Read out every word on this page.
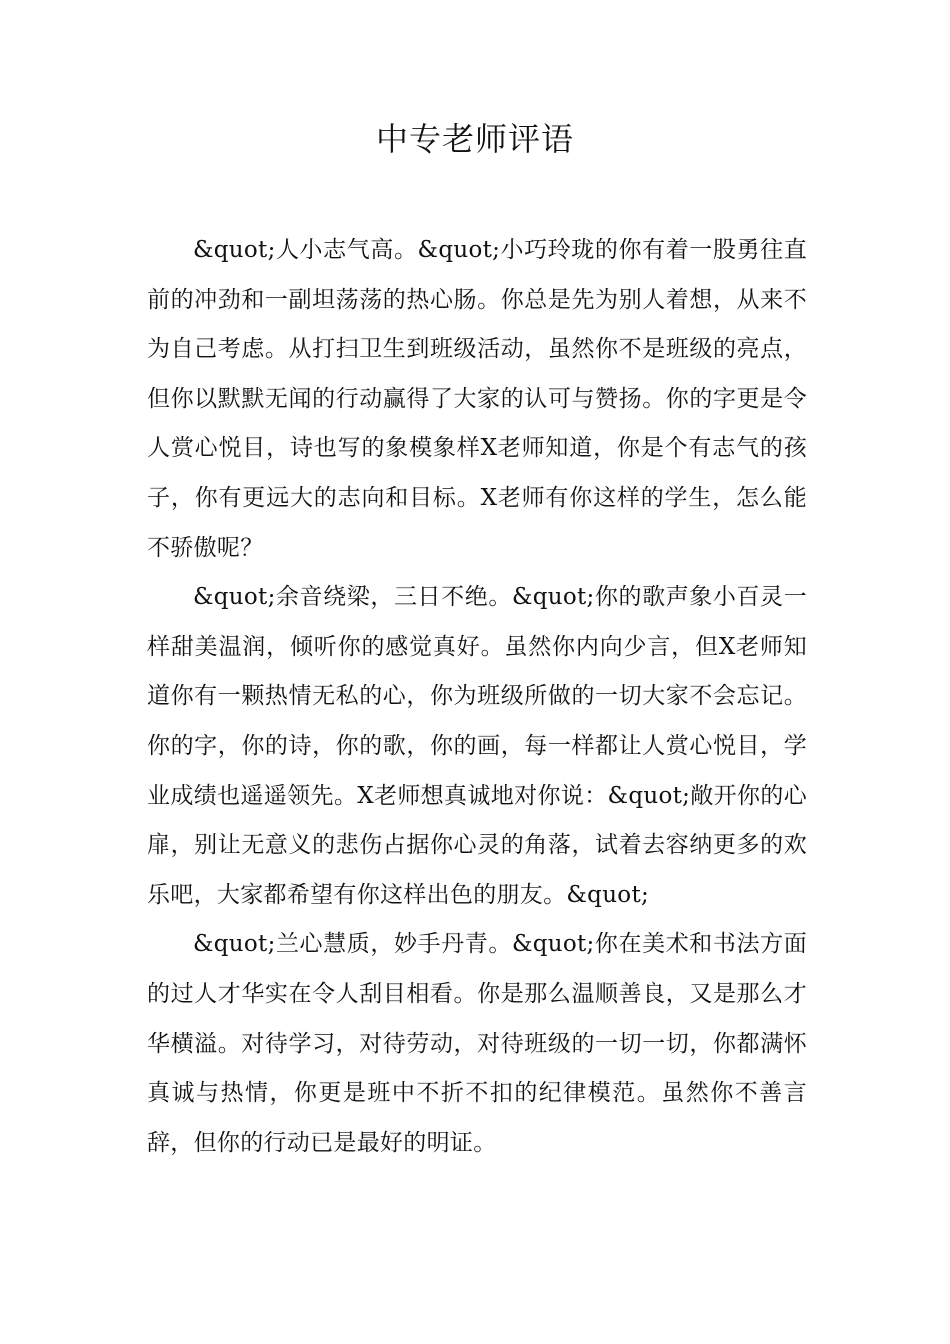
中专老师评语

&quot;人小志气高。&quot;小巧玲珑的你有着一股勇往直前的冲劲和一副坦荡荡的热心肠。你总是先为别人着想，从来不为自己考虑。从打扫卫生到班级活动，虽然你不是班级的亮点，但你以默默无闻的行动赢得了大家的认可与赞扬。你的字更是令人赏心悦目，诗也写的象模象样X老师知道，你是个有志气的孩子，你有更远大的志向和目标。X老师有你这样的学生，怎么能不骄傲呢？

&quot;余音绕梁，三日不绝。&quot;你的歌声象小百灵一样甜美温润，倾听你的感觉真好。虽然你内向少言，但X老师知道你有一颗热情无私的心，你为班级所做的一切大家不会忘记。你的字，你的诗，你的歌，你的画，每一样都让人赏心悦目，学业成绩也遥遥领先。X老师想真诚地对你说：&quot;敞开你的心扉，别让无意义的悲伤占据你心灵的角落，试着去容纳更多的欢乐吧，大家都希望有你这样出色的朋友。&quot;

&quot;兰心慧质，妙手丹青。&quot;你在美术和书法方面的过人才华实在令人刮目相看。你是那么温顺善良，又是那么才华横溢。对待学习，对待劳动，对待班级的一切一切，你都满怀真诚与热情，你更是班中不折不扣的纪律模范。虽然你不善言辞，但你的行动已是最好的明证。
